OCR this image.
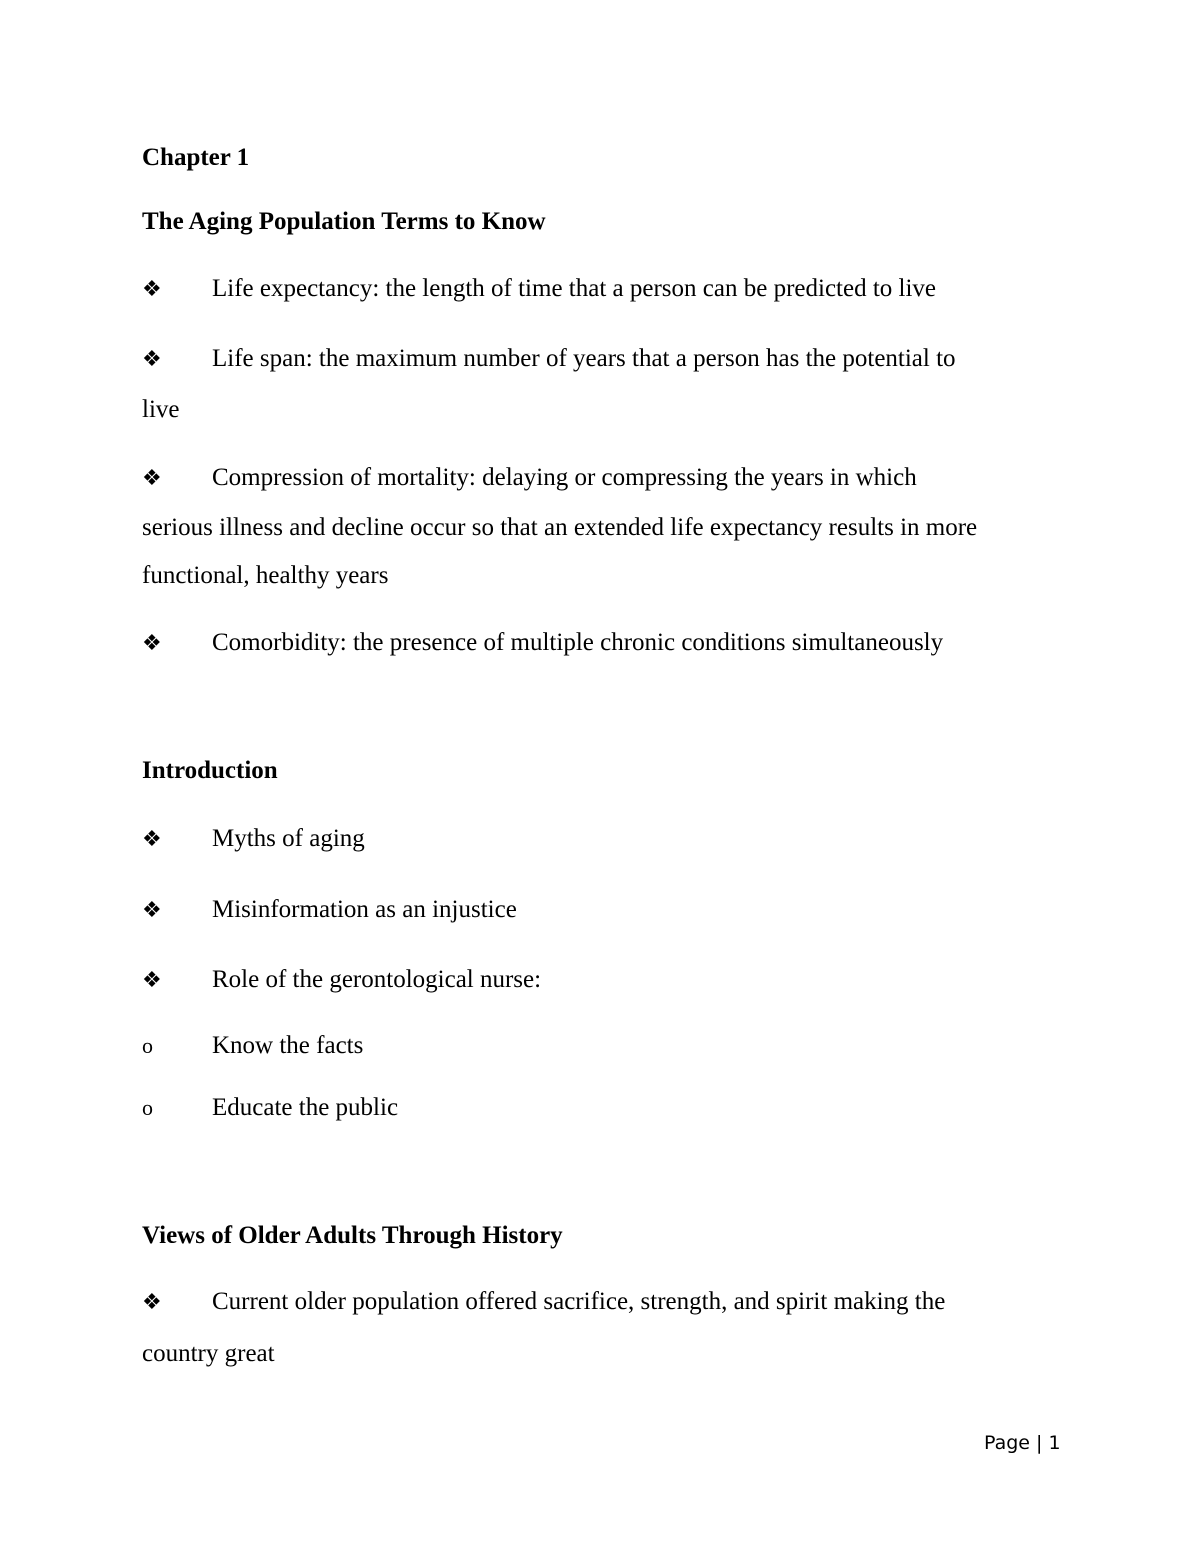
Chapter 1
The Aging Population Terms to Know
❖	Life expectancy: the length of time that a person can be predicted to live
❖	Life span: the maximum number of years that a person has the potential to
live
❖	Compression of mortality: delaying or compressing the years in which
serious illness and decline occur so that an extended life expectancy results in more
functional, healthy years
❖	Comorbidity: the presence of multiple chronic conditions simultaneously
Introduction
❖	Myths of aging
❖	Misinformation as an injustice
❖	Role of the gerontological nurse:
o	Know the facts
o	Educate the public
Views of Older Adults Through History
❖	Current older population offered sacrifice, strength, and spirit making the
country great
Page | 1
